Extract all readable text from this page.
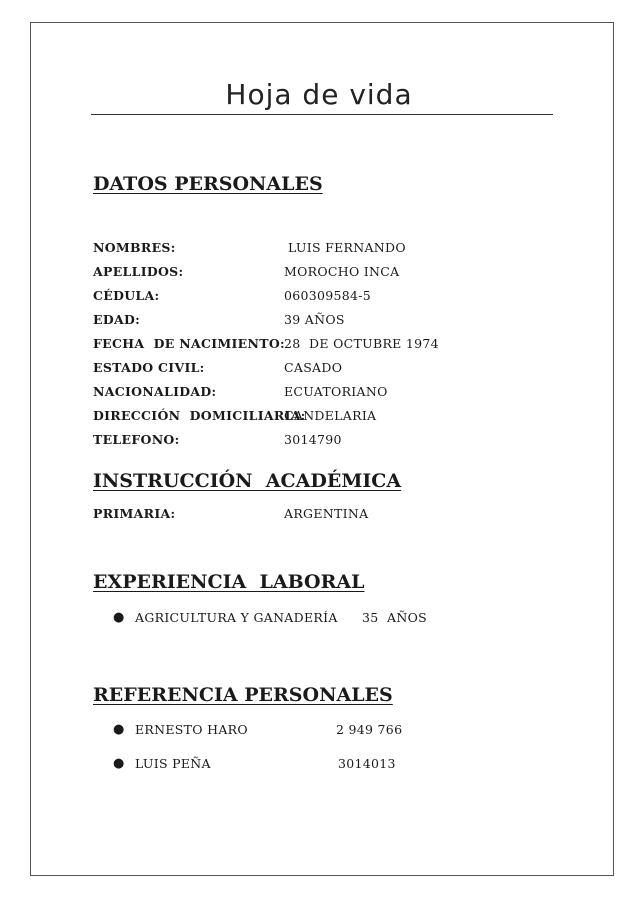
Hoja de vida
DATOS PERSONALES
NOMBRES:	LUIS FERNANDO
APELLIDOS:	MOROCHO INCA
CÉDULA:	060309584-5
EDAD:	39 AÑOS
FECHA  DE NACIMIENTO: 28  DE OCTUBRE 1974
ESTADO CIVIL:	CASADO
NACIONALIDAD:	ECUATORIANO
DIRECCIÓN  DOMICILIARIA:
CANDELARIA
TELEFONO:	3014790
INSTRUCCIÓN  ACADÉMICA
PRIMARIA:	ARGENTINA
EXPERIENCIA  LABORAL
● AGRICULTURA Y GANADERÍA 35  AÑOS
REFERENCIA PERSONALES
● ERNESTO HARO	2 949 766
● LUIS PEÑA	3014013
